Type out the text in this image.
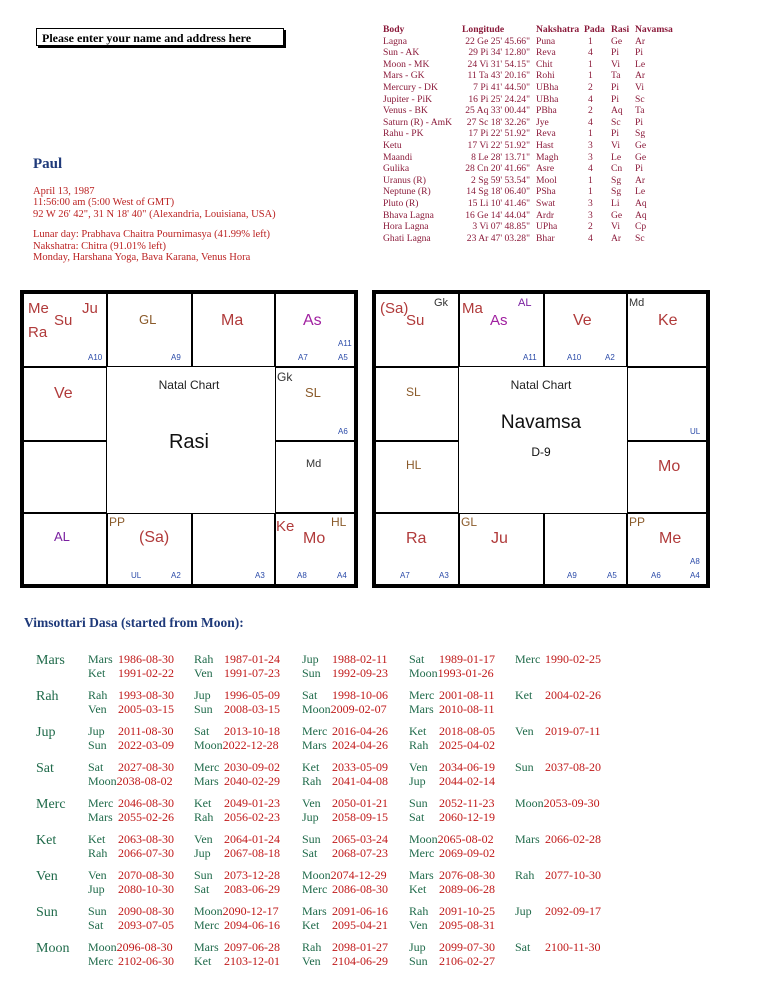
Please enter your name and address here
Paul
April 13, 1987
11:56:00 am (5:00 West of GMT)
92 W 26' 42", 31 N 18' 40" (Alexandria, Louisiana, USA)
Lunar day: Prabhava Chaitra Pournimasya (41.99% left)
Nakshatra: Chitra (91.01% left)
Monday, Harshana Yoga, Bava Karana, Venus Hora
Body	Longitude	Nakshatra Pada Rasi Navamsa
Lagna	22 Ge 25' 45.66" Puna	1 Ge Ar
Sun - AK	29 Pi 34' 12.80" Reva	4 Pi Pi
Moon - MK	24 Vi 31' 54.15" Chit	1 Vi Le
Mars - GK	11 Ta 43' 20.16" Rohi	1 Ta Ar
Mercury - DK	7 Pi 41' 44.50" UBha	2 Pi Vi
Jupiter - PiK	16 Pi 25' 24.24" UBha	4 Pi Sc
Venus - BK	25 Aq 33' 00.44" PBha	2 Aq Ta
Saturn (R) - AmK	27 Sc 18' 32.26" Jye	4 Sc Pi
Rahu - PK	17 Pi 22' 51.92" Reva	1 Pi Sg
Ketu	17 Vi 22' 51.92" Hast	3 Vi Ge
Maandi	8 Le 28' 13.71" Magh	3 Le Ge
Gulika	28 Cn 20' 41.66" Asre	4 Cn Pi
Uranus (R)	2 Sg 59' 53.54" Mool	1 Sg Ar
Neptune (R)	14 Sg 18' 06.40" PSha	1 Sg Le
Pluto (R)	15 Li 10' 41.46" Swat	3 Li Aq
Bhava Lagna	16 Ge 14' 44.04" Ardr	3 Ge Aq
Hora Lagna	3 Vi 07' 48.85" UPha	2 Vi Cp
Ghati Lagna	23 Ar 47' 03.28" Bhar	4 Ar Sc
Natal Chart
Rasi
Me
Su
Ju
Ra
A10
GL
A9
Ma	As
A11
A7	A5
Ve
Gk
SL
A6
Md
AL
PP
(Sa)
UL	A2	A3
Ke
Mo
HL
A8	A4
Natal Chart
Navamsa
D-9
(Sa)
Su
Gk Ma
As
AL
A11
Ve
A10	A2
Md
Ke
SL
UL
HL	Mo
Ra
A7	A3
GL
Ju
A9	A5
PP
Me
A8
A6	A4
Vimsottari Dasa (started from Moon):
Mars Mars 1986-08-30 Rah 1987-01-24 Jup 1988-02-11 Sat 1989-01-17 Merc 1990-02-25
Ket 1991-02-22 Ven 1991-07-23 Sun 1992-09-23 Moon1993-01-26
Rah Rah 1993-08-30 Jup 1996-05-09 Sat 1998-10-06 Merc 2001-08-11 Ket 2004-02-26
Ven 2005-03-15 Sun 2008-03-15 Moon2009-02-07 Mars 2010-08-11
Jup	Jup 2011-08-30 Sat 2013-10-18 Merc 2016-04-26 Ket 2018-08-05 Ven 2019-07-11
Sun 2022-03-09 Moon2022-12-28 Mars 2024-04-26 Rah 2025-04-02
Sat	Sat 2027-08-30 Merc 2030-09-02 Ket 2033-05-09 Ven 2034-06-19 Sun 2037-08-20
Moon2038-08-02 Mars 2040-02-29 Rah 2041-04-08 Jup 2044-02-14
Merc Merc 2046-08-30 Ket 2049-01-23 Ven 2050-01-21 Sun 2052-11-23 Moon2053-09-30
Mars 2055-02-26 Rah 2056-02-23 Jup 2058-09-15 Sat 2060-12-19
Ket	Ket 2063-08-30 Ven 2064-01-24 Sun 2065-03-24 Moon2065-08-02 Mars 2066-02-28
Rah 2066-07-30 Jup 2067-08-18 Sat 2068-07-23 Merc 2069-09-02
Ven	Ven 2070-08-30 Sun 2073-12-28 Moon2074-12-29 Mars 2076-08-30 Rah 2077-10-30
Jup 2080-10-30 Sat 2083-06-29 Merc 2086-08-30 Ket 2089-06-28
Sun	Sun 2090-08-30 Moon2090-12-17 Mars 2091-06-16 Rah 2091-10-25 Jup 2092-09-17
Sat 2093-07-05 Merc 2094-06-16 Ket 2095-04-21 Ven 2095-08-31
Moon Moon2096-08-30 Mars 2097-06-28 Rah 2098-01-27 Jup 2099-07-30 Sat 2100-11-30
Merc 2102-06-30 Ket 2103-12-01 Ven 2104-06-29 Sun 2106-02-27
